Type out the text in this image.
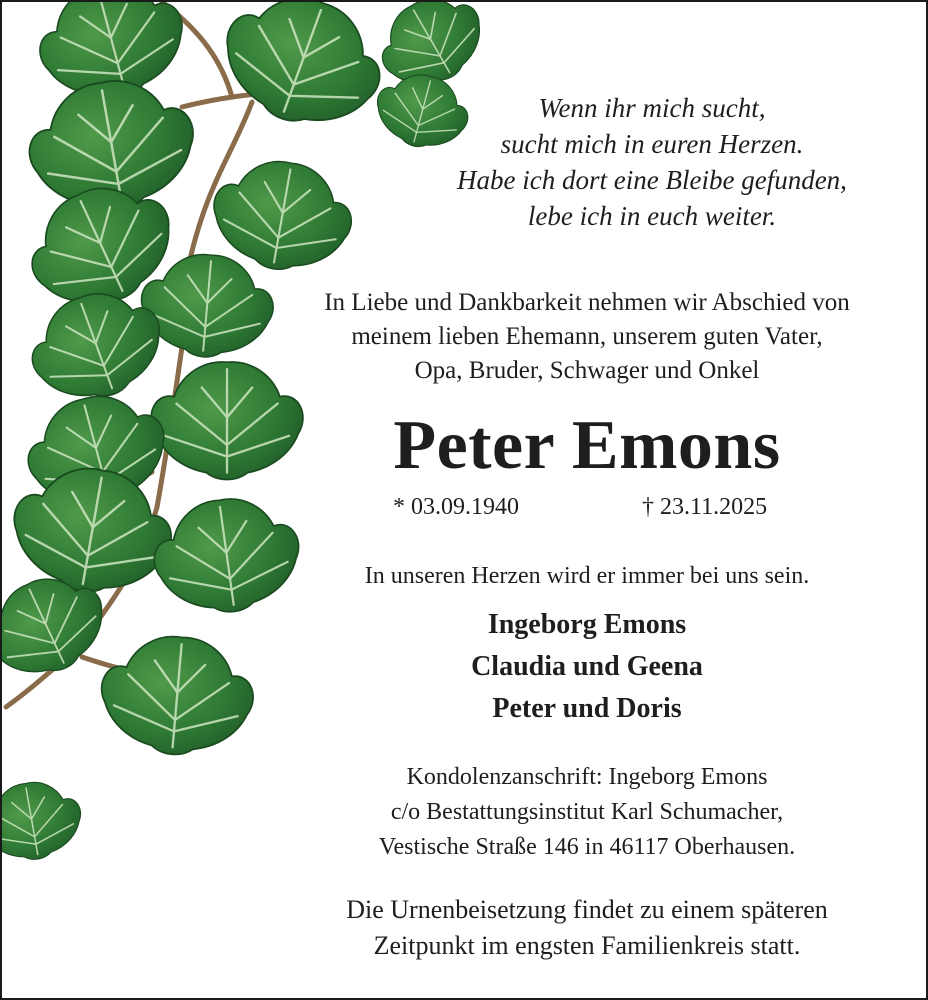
Wenn ihr mich sucht,
sucht mich in euren Herzen.
Habe ich dort eine Bleibe gefunden,
lebe ich in euch weiter.
In Liebe und Dankbarkeit nehmen wir Abschied von
meinem lieben Ehemann, unserem guten Vater,
Opa, Bruder, Schwager und Onkel
Peter Emons
* 03.09.1940	† 23.11.2025
In unseren Herzen wird er immer bei uns sein.
Ingeborg Emons
Claudia und Geena
Peter und Doris
Kondolenzanschrift: Ingeborg Emons
c/o Bestattungsinstitut Karl Schumacher,
Vestische Straße 146 in 46117 Oberhausen.
Die Urnenbeisetzung findet zu einem späteren
Zeitpunkt im engsten Familienkreis statt.
